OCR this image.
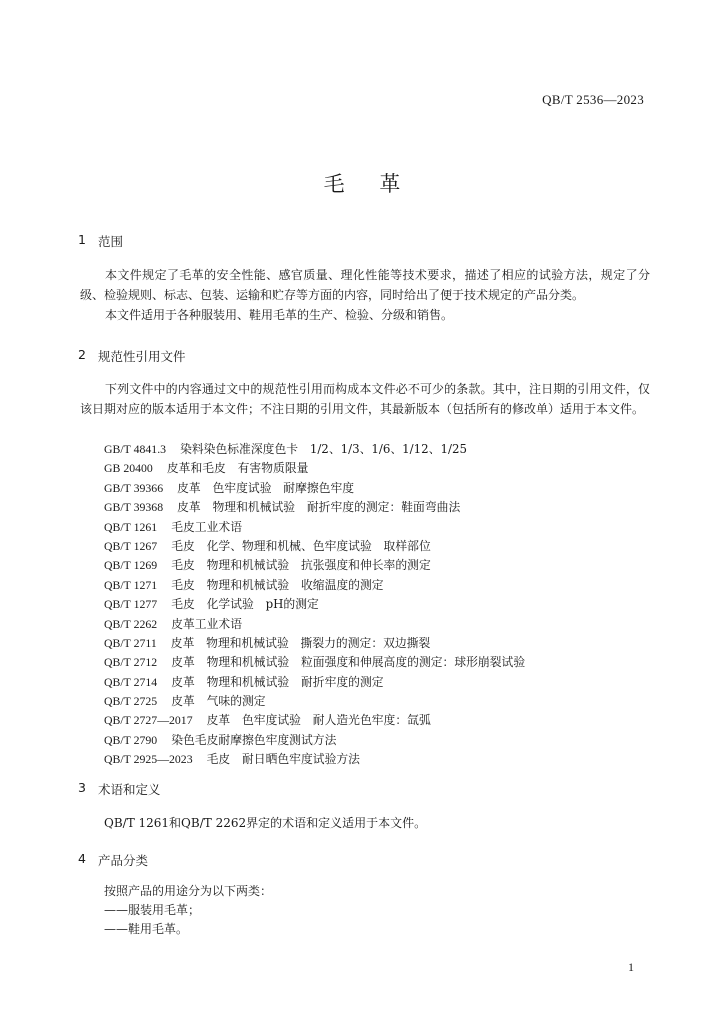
QB/T 2536—2023
毛 革
1 范围
本文件规定了毛革的安全性能、感官质量、理化性能等技术要求，描述了相应的试验方法，规定了分级、检验规则、标志、包装、运输和贮存等方面的内容，同时给出了便于技术规定的产品分类。
本文件适用于各种服装用、鞋用毛革的生产、检验、分级和销售。
2 规范性引用文件
下列文件中的内容通过文中的规范性引用而构成本文件必不可少的条款。其中，注日期的引用文件，仅该日期对应的版本适用于本文件；不注日期的引用文件，其最新版本（包括所有的修改单）适用于本文件。
GB/T 4841.3 染料染色标准深度色卡　1/2、1/3、1/6、1/12、1/25
GB 20400 皮革和毛皮　有害物质限量
GB/T 39366 皮革　色牢度试验　耐摩擦色牢度
GB/T 39368 皮革　物理和机械试验　耐折牢度的测定：鞋面弯曲法
QB/T 1261 毛皮工业术语
QB/T 1267 毛皮　化学、物理和机械、色牢度试验　取样部位
QB/T 1269 毛皮　物理和机械试验　抗张强度和伸长率的测定
QB/T 1271 毛皮　物理和机械试验　收缩温度的测定
QB/T 1277 毛皮　化学试验　pH的测定
QB/T 2262 皮革工业术语
QB/T 2711 皮革　物理和机械试验　撕裂力的测定：双边撕裂
QB/T 2712 皮革　物理和机械试验　粒面强度和伸展高度的测定：球形崩裂试验
QB/T 2714 皮革　物理和机械试验　耐折牢度的测定
QB/T 2725 皮革　气味的测定
QB/T 2727—2017 皮革　色牢度试验　耐人造光色牢度：氙弧
QB/T 2790 染色毛皮耐摩擦色牢度测试方法
QB/T 2925—2023 毛皮　耐日晒色牢度试验方法
3 术语和定义
QB/T 1261和QB/T 2262界定的术语和定义适用于本文件。
4 产品分类
按照产品的用途分为以下两类：
——服装用毛革；
——鞋用毛革。
1
